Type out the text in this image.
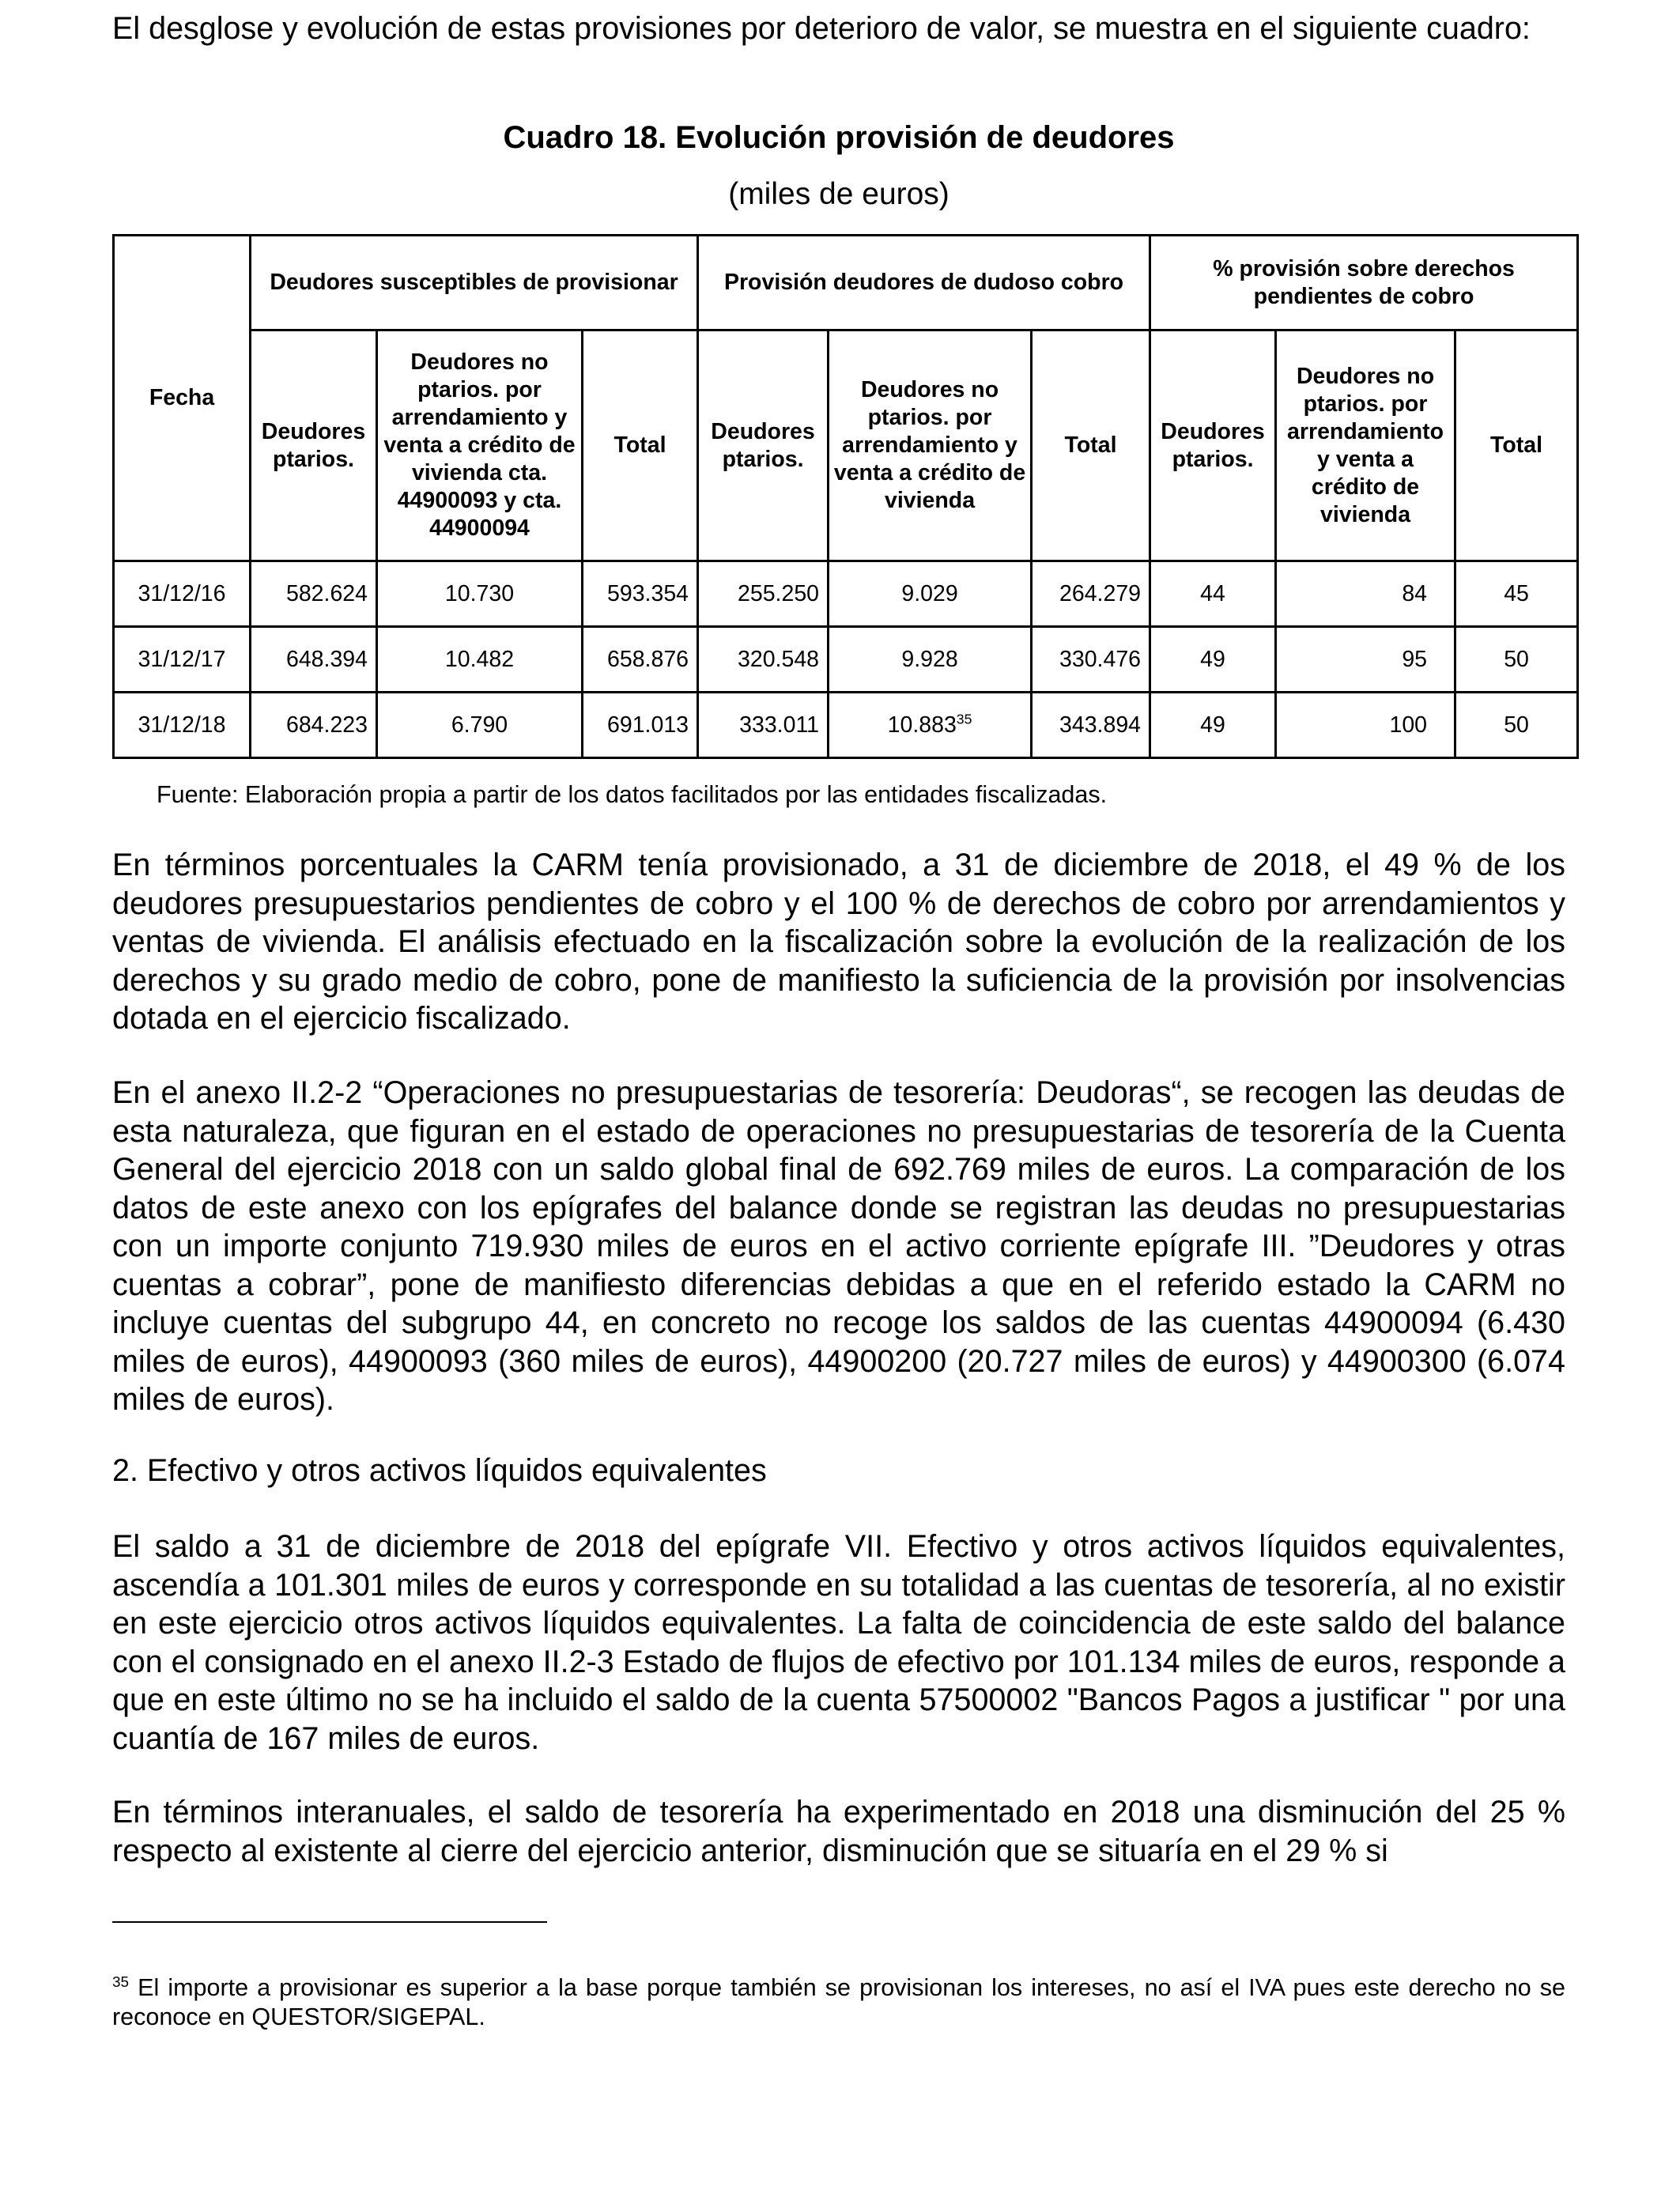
El desglose y evolución de estas provisiones por deterioro de valor, se muestra en el siguiente cuadro:

Cuadro 18. Evolución provisión de deudores

(miles de euros)

Fecha	Deudores susceptibles de provisionar			Provisión deudores de dudoso cobro			% provisión sobre derechos pendientes de cobro		
	Deudores ptarios.	Deudores no ptarios. por arrendamiento y venta a crédito de vivienda cta. 44900093 y cta. 44900094	Total	Deudores ptarios.	Deudores no ptarios. por arrendamiento y venta a crédito de vivienda	Total	Deudores ptarios.	Deudores no ptarios. por arrendamiento y venta a crédito de vivienda	Total
31/12/16	582.624	10.730	593.354	255.250	9.029	264.279	44	84	45
31/12/17	648.394	10.482	658.876	320.548	9.928	330.476	49	95	50
31/12/18	684.223	6.790	691.013	333.011	10.883$^{35}$	343.894	49	100	50

Fuente: Elaboración propia a partir de los datos facilitados por las entidades fiscalizadas.

En términos porcentuales la CARM tenía provisionado, a 31 de diciembre de 2018, el 49 % de los deudores presupuestarios pendientes de cobro y el 100 % de derechos de cobro por arrendamientos y ventas de vivienda. El análisis efectuado en la fiscalización sobre la evolución de la realización de los derechos y su grado medio de cobro, pone de manifiesto la suficiencia de la provisión por insolvencias dotada en el ejercicio fiscalizado.

En el anexo II.2-2 “Operaciones no presupuestarias de tesorería: Deudoras“, se recogen las deudas de esta naturaleza, que figuran en el estado de operaciones no presupuestarias de tesorería de la Cuenta General del ejercicio 2018 con un saldo global final de 692.769 miles de euros. La comparación de los datos de este anexo con los epígrafes del balance donde se registran las deudas no presupuestarias con un importe conjunto 719.930 miles de euros en el activo corriente epígrafe III. ”Deudores y otras cuentas a cobrar”, pone de manifiesto diferencias debidas a que en el referido estado la CARM no incluye cuentas del subgrupo 44, en concreto no recoge los saldos de las cuentas 44900094 (6.430 miles de euros), 44900093 (360 miles de euros), 44900200 (20.727 miles de euros) y 44900300 (6.074 miles de euros).

2. Efectivo y otros activos líquidos equivalentes

El saldo a 31 de diciembre de 2018 del epígrafe VII. Efectivo y otros activos líquidos equivalentes, ascendía a 101.301 miles de euros y corresponde en su totalidad a las cuentas de tesorería, al no existir en este ejercicio otros activos líquidos equivalentes. La falta de coincidencia de este saldo del balance con el consignado en el anexo II.2-3 Estado de flujos de efectivo por 101.134 miles de euros, responde a que en este último no se ha incluido el saldo de la cuenta 57500002 "Bancos Pagos a justificar " por una cuantía de 167 miles de euros.

En términos interanuales, el saldo de tesorería ha experimentado en 2018 una disminución del 25 % respecto al existente al cierre del ejercicio anterior, disminución que se situaría en el 29 % si

$^{35}$ El importe a provisionar es superior a la base porque también se provisionan los intereses, no así el IVA pues este derecho no se reconoce en QUESTOR/SIGEPAL.
